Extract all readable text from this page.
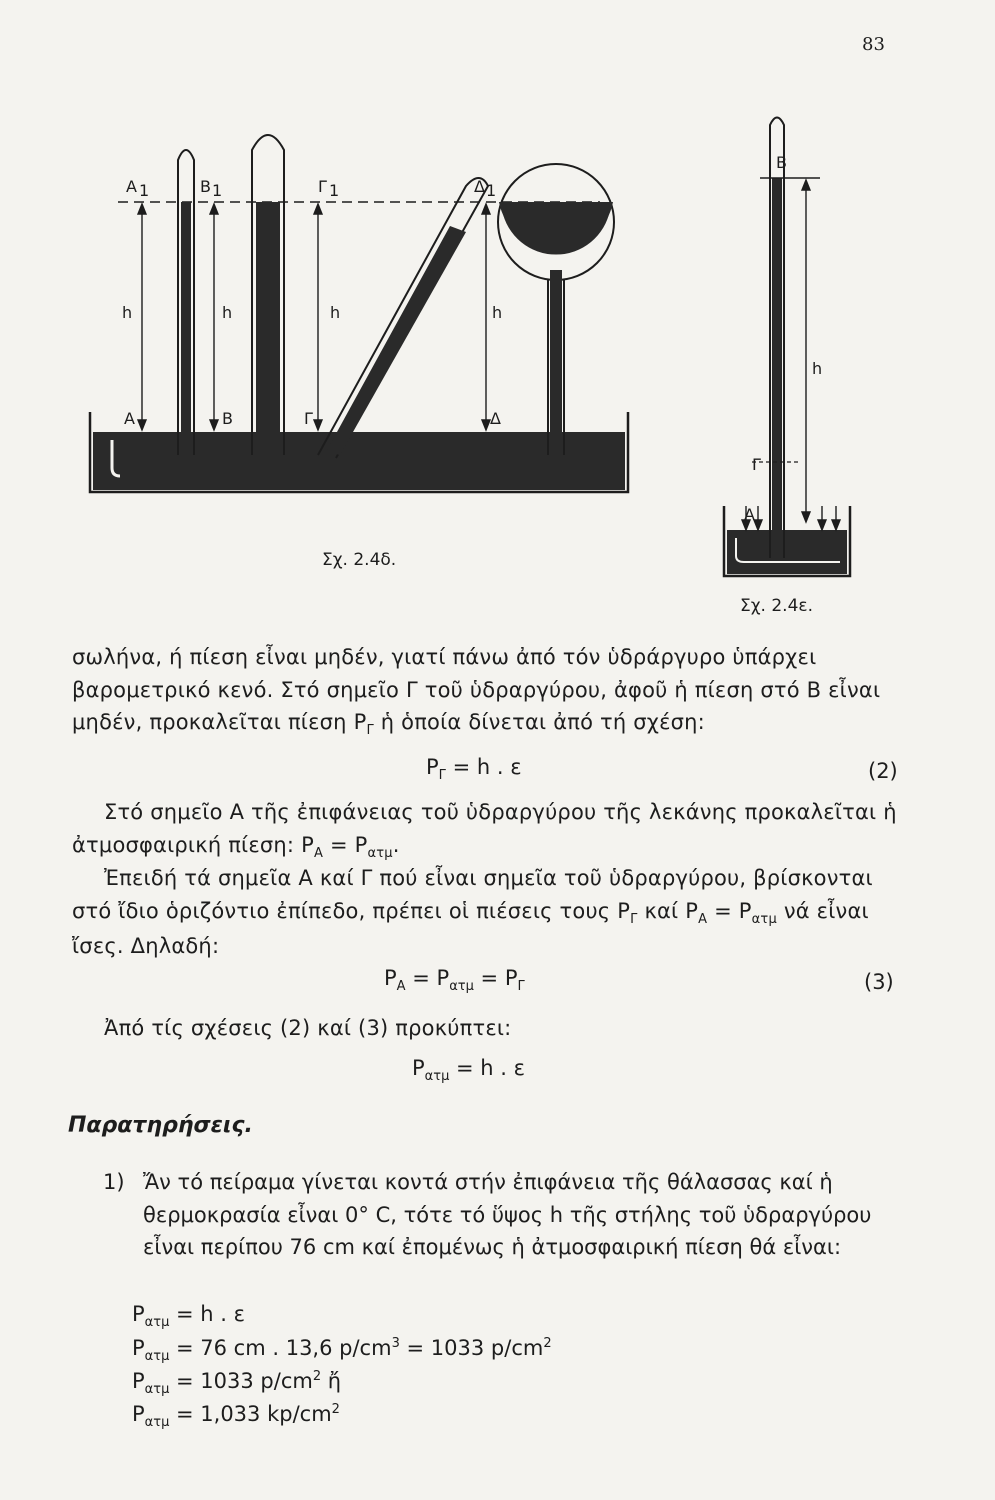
83
A 1	B 1	Γ 1	Δ 1
h	h	h	h
A	B	Γ	Δ
B
h
Γ
A
Σχ. 2.4δ.
Σχ. 2.4ε.
σωλήνα, ή πίεση εἶναι μηδέν, γιατί πάνω ἀπό τόν ὑδράργυρο ὑπάρχει βαρομετρικό κενό. Στό σημεῖο Γ τοῦ ὑδραργύρου, ἀφοῦ ἡ πίεση στό Β εἶναι μηδέν, προκαλεῖται πίεση $P_\Gamma$ ἡ ὁποία δίνεται ἀπό τή σχέση:
$P_\Gamma = h$ . ε	(2)
Στό σημεῖο Α τῆς ἐπιφάνειας τοῦ ὑδραργύρου τῆς λεκάνης προκαλεῖται ἡ ἀτμοσφαιρική πίεση: $P_A = P_{\alpha\tau\mu}$.
Ἐπειδή τά σημεῖα Α καί Γ πού εἶναι σημεῖα τοῦ ὑδραργύρου, βρίσκονται στό ἴδιο ὁριζόντιο ἐπίπεδο, πρέπει οἱ πιέσεις τους $P_\Gamma$ καί $P_A = P_{\alpha\tau\mu}$ νά εἶναι ἴσες. Δηλαδή:
$P_A = P_{\alpha\tau\mu} = P_\Gamma$	(3)
Ἀπό τίς σχέσεις (2) καί (3) προκύπτει:
$P_{\alpha\tau\mu} = h$ . ε
Παρατηρήσεις.
1) Ἄν τό πείραμα γίνεται κοντά στήν ἐπιφάνεια τῆς θάλασσας καί ἡ θερμοκρασία εἶναι 0° C, τότε τό ὕψος h τῆς στήλης τοῦ ὑδραργύρου εἶναι περίπου 76 cm καί ἐπομένως ἡ ἀτμοσφαιρική πίεση θά εἶναι:
$P_{\alpha\tau\mu} = h$ . ε
$P_{\alpha\tau\mu} = 76$ cm . 13,6 $p/cm^3 = 1033$ $p/cm^2$
$P_{\alpha\tau\mu} = 1033$ $p/cm^2$ ἤ
$P_{\alpha\tau\mu} = 1,033$ $kp/cm^2$
